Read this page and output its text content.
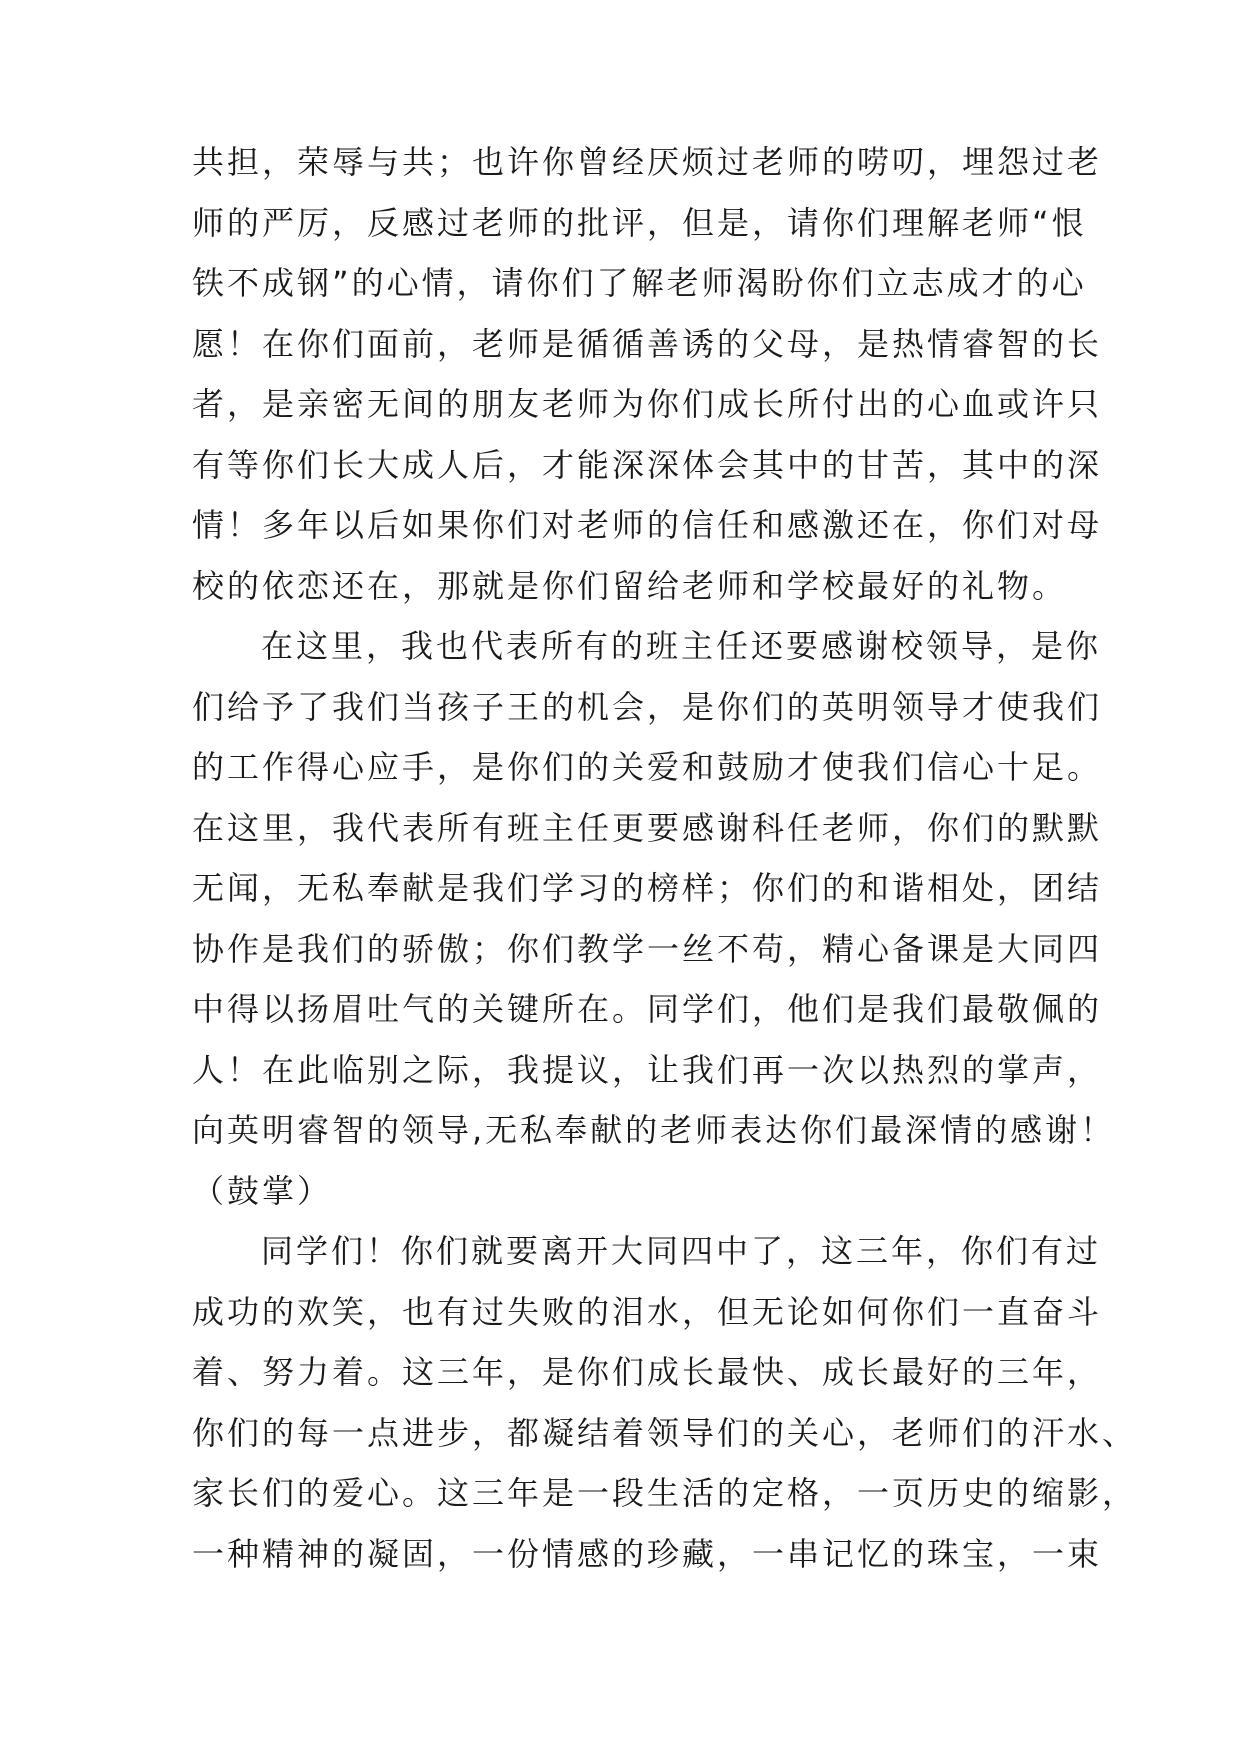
共担，荣辱与共；也许你曾经厌烦过老师的唠叨，埋怨过老
师的严厉，反感过老师的批评，但是，请你们理解老师“恨
铁不成钢”的心情，请你们了解老师渴盼你们立志成才的心
愿！在你们面前，老师是循循善诱的父母，是热情睿智的长
者，是亲密无间的朋友老师为你们成长所付出的心血或许只
有等你们长大成人后，才能深深体会其中的甘苦，其中的深
情！多年以后如果你们对老师的信任和感激还在，你们对母
校的依恋还在，那就是你们留给老师和学校最好的礼物。
在这里，我也代表所有的班主任还要感谢校领导，是你
们给予了我们当孩子王的机会，是你们的英明领导才使我们
的工作得心应手，是你们的关爱和鼓励才使我们信心十足。
在这里，我代表所有班主任更要感谢科任老师，你们的默默
无闻，无私奉献是我们学习的榜样；你们的和谐相处，团结
协作是我们的骄傲；你们教学一丝不苟，精心备课是大同四
中得以扬眉吐气的关键所在。同学们，他们是我们最敬佩的
人！在此临别之际，我提议，让我们再一次以热烈的掌声，
向英明睿智的领导,无私奉献的老师表达你们最深情的感谢！
（鼓掌）
同学们！你们就要离开大同四中了，这三年，你们有过
成功的欢笑，也有过失败的泪水，但无论如何你们一直奋斗
着、努力着。这三年，是你们成长最快、成长最好的三年，
你们的每一点进步，都凝结着领导们的关心，老师们的汗水、
家长们的爱心。这三年是一段生活的定格，一页历史的缩影，
一种精神的凝固，一份情感的珍藏，一串记忆的珠宝，一束
